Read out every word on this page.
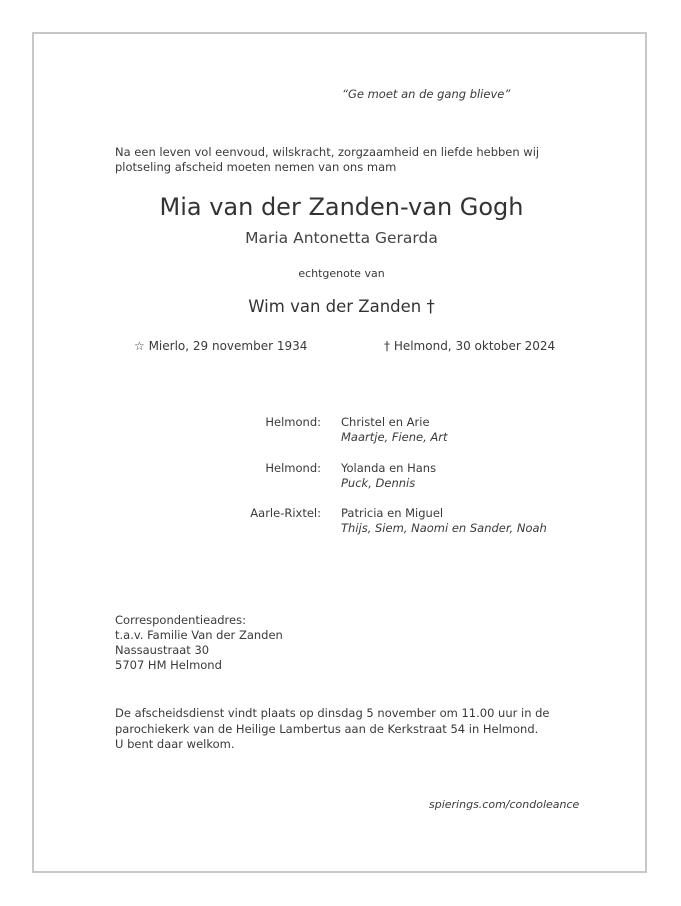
“Ge moet an de gang blieve”
Na een leven vol eenvoud, wilskracht, zorgzaamheid en liefde hebben wij
plotseling afscheid moeten nemen van ons mam
Mia van der Zanden-van Gogh
Maria Antonetta Gerarda
echtgenote van
Wim van der Zanden †
☆ Mierlo, 29 november 1934	† Helmond, 30 oktober 2024
Helmond: Christel en Arie
Maartje, Fiene, Art
Helmond: Yolanda en Hans
Puck, Dennis
Aarle-Rixtel: Patricia en Miguel
Thijs, Siem, Naomi en Sander, Noah
Correspondentieadres:
t.a.v. Familie Van der Zanden
Nassaustraat 30
5707 HM Helmond
De afscheidsdienst vindt plaats op dinsdag 5 november om 11.00 uur in de
parochiekerk van de Heilige Lambertus aan de Kerkstraat 54 in Helmond.
U bent daar welkom.
spierings.com/condoleance
